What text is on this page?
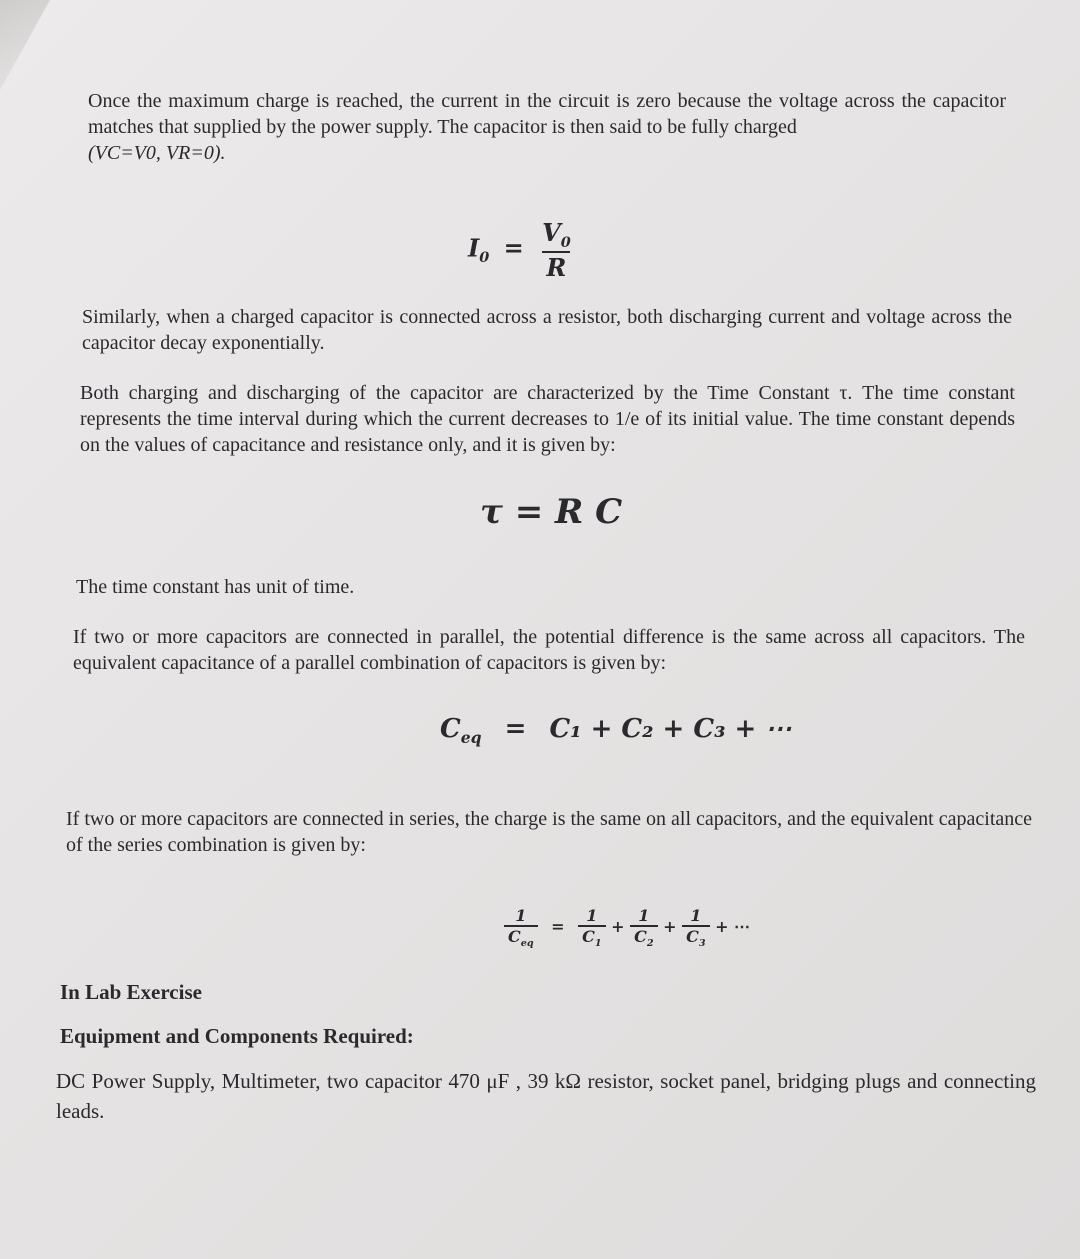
Once the maximum charge is reached, the current in the circuit is zero because the voltage across the capacitor matches that supplied by the power supply. The capacitor is then said to be fully charged
(VC=V0, VR=0).

$I_0 = \frac{V_0}{R}$

Similarly, when a charged capacitor is connected across a resistor, both discharging current and voltage across the capacitor decay exponentially.

Both charging and discharging of the capacitor are characterized by the Time Constant τ. The time constant represents the time interval during which the current decreases to 1/e of its initial value. The time constant depends on the values of capacitance and resistance only, and it is given by:

τ = R C

The time constant has unit of time.

If two or more capacitors are connected in parallel, the potential difference is the same across all capacitors. The equivalent capacitance of a parallel combination of capacitors is given by:

$C_{eq} = C_1 + C_2 + C_3$ + ⋯

If two or more capacitors are connected in series, the charge is the same on all capacitors, and the equivalent capacitance of the series combination is given by:

$\frac{1}{C_{eq}} = \frac{1}{C_1} + \frac{1}{C_2} + \frac{1}{C_3}$ + ⋯

In Lab Exercise

Equipment and Components Required:

DC Power Supply, Multimeter, two capacitor 470 μF , 39 kΩ resistor, socket panel, bridging plugs and connecting leads.
